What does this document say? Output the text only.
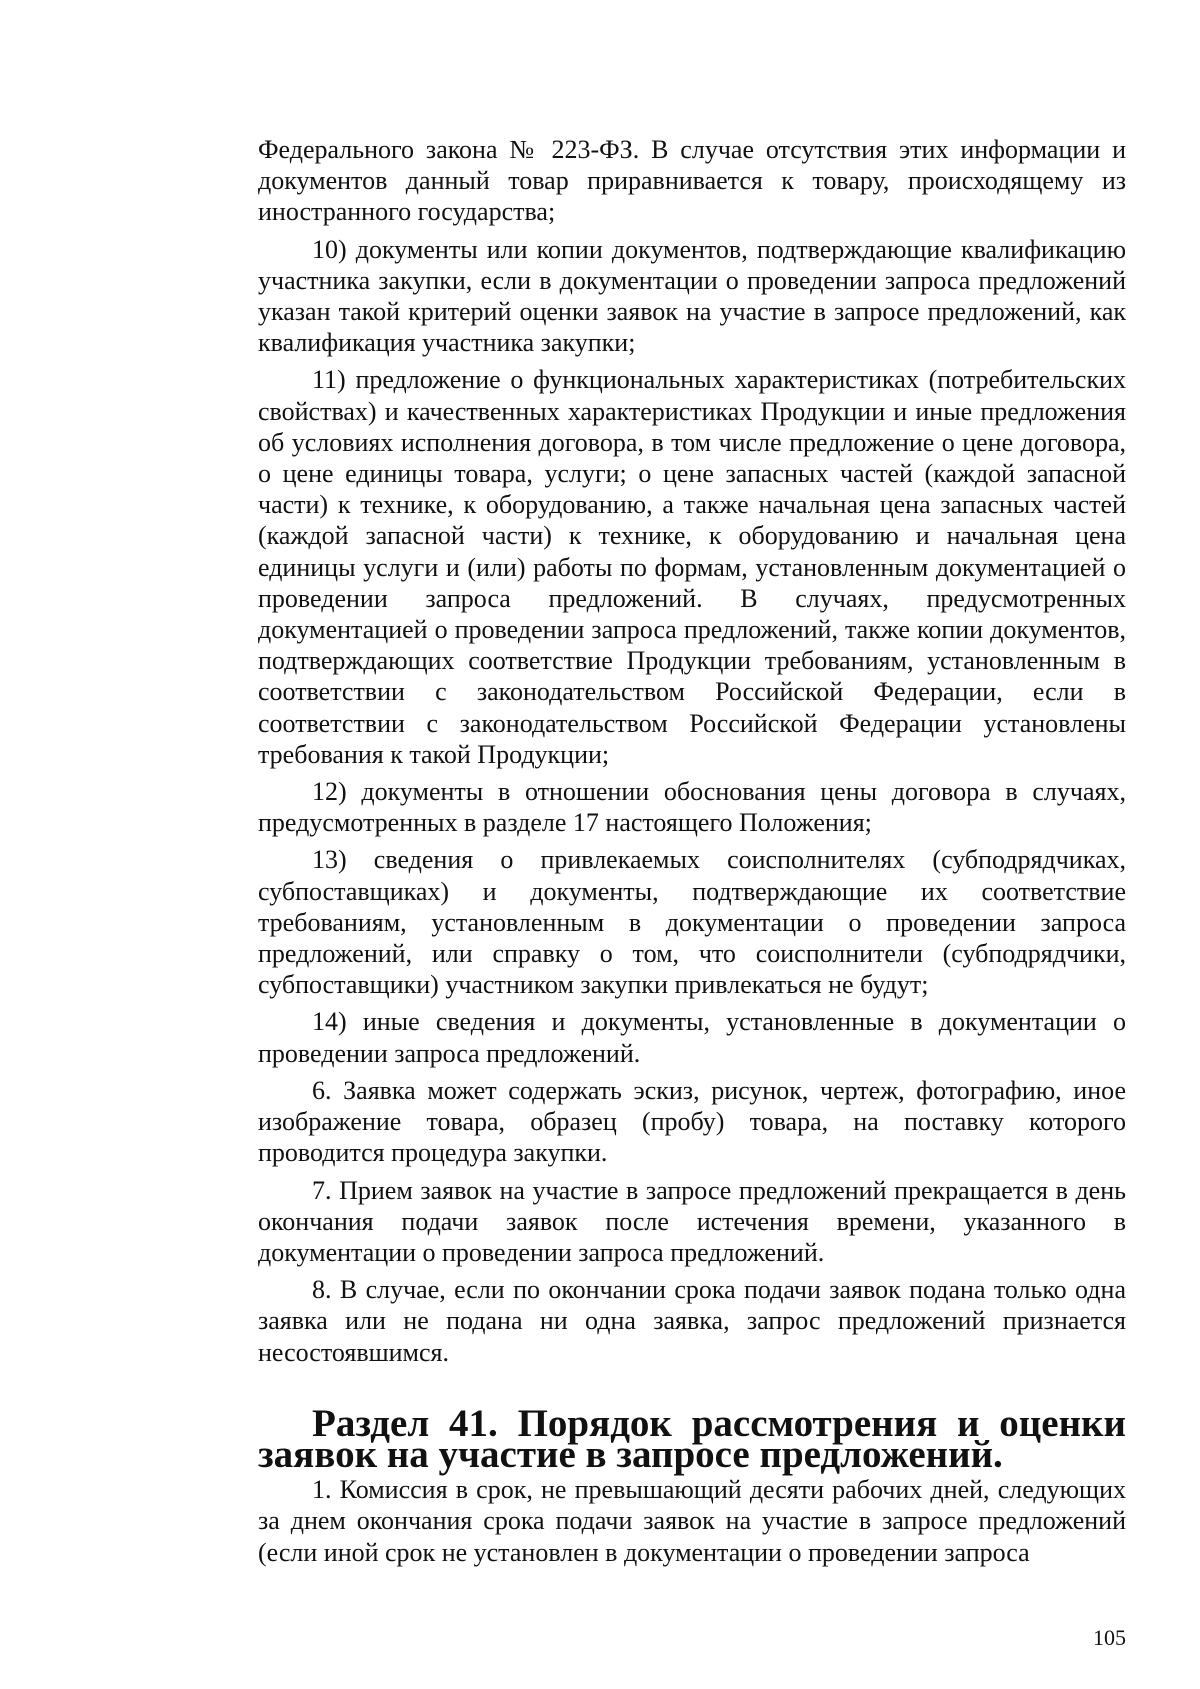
Федерального закона № 223-ФЗ. В случае отсутствия этих информации и документов данный товар приравнивается к товару, происходящему из иностранного государства;

10) документы или копии документов, подтверждающие квалификацию участника закупки, если в документации о проведении запроса предложений указан такой критерий оценки заявок на участие в запросе предложений, как квалификация участника закупки;

11) предложение о функциональных характеристиках (потребительских свойствах) и качественных характеристиках Продукции и иные предложения об условиях исполнения договора, в том числе предложение о цене договора, о цене единицы товара, услуги; о цене запасных частей (каждой запасной части) к технике, к оборудованию, а также начальная цена запасных частей (каждой запасной части) к технике, к оборудованию и начальная цена единицы услуги и (или) работы по формам, установленным документацией о проведении запроса предложений. В случаях, предусмотренных документацией о проведении запроса предложений, также копии документов, подтверждающих соответствие Продукции требованиям, установленным в соответствии с законодательством Российской Федерации, если в соответствии с законодательством Российской Федерации установлены требования к такой Продукции;

12) документы в отношении обоснования цены договора в случаях, предусмотренных в разделе 17 настоящего Положения;

13) сведения о привлекаемых соисполнителях (субподрядчиках, субпоставщиках) и документы, подтверждающие их соответствие требованиям, установленным в документации о проведении запроса предложений, или справку о том, что соисполнители (субподрядчики, субпоставщики) участником закупки привлекаться не будут;

14) иные сведения и документы, установленные в документации о проведении запроса предложений.

6. Заявка может содержать эскиз, рисунок, чертеж, фотографию, иное изображение товара, образец (пробу) товара, на поставку которого проводится процедура закупки.

7. Прием заявок на участие в запросе предложений прекращается в день окончания подачи заявок после истечения времени, указанного в документации о проведении запроса предложений.

8. В случае, если по окончании срока подачи заявок подана только одна заявка или не подана ни одна заявка, запрос предложений признается несостоявшимся.

Раздел 41. Порядок рассмотрения и оценки заявок на участие в запросе предложений.

1. Комиссия в срок, не превышающий десяти рабочих дней, следующих за днем окончания срока подачи заявок на участие в запросе предложений (если иной срок не установлен в документации о проведении запроса

105
